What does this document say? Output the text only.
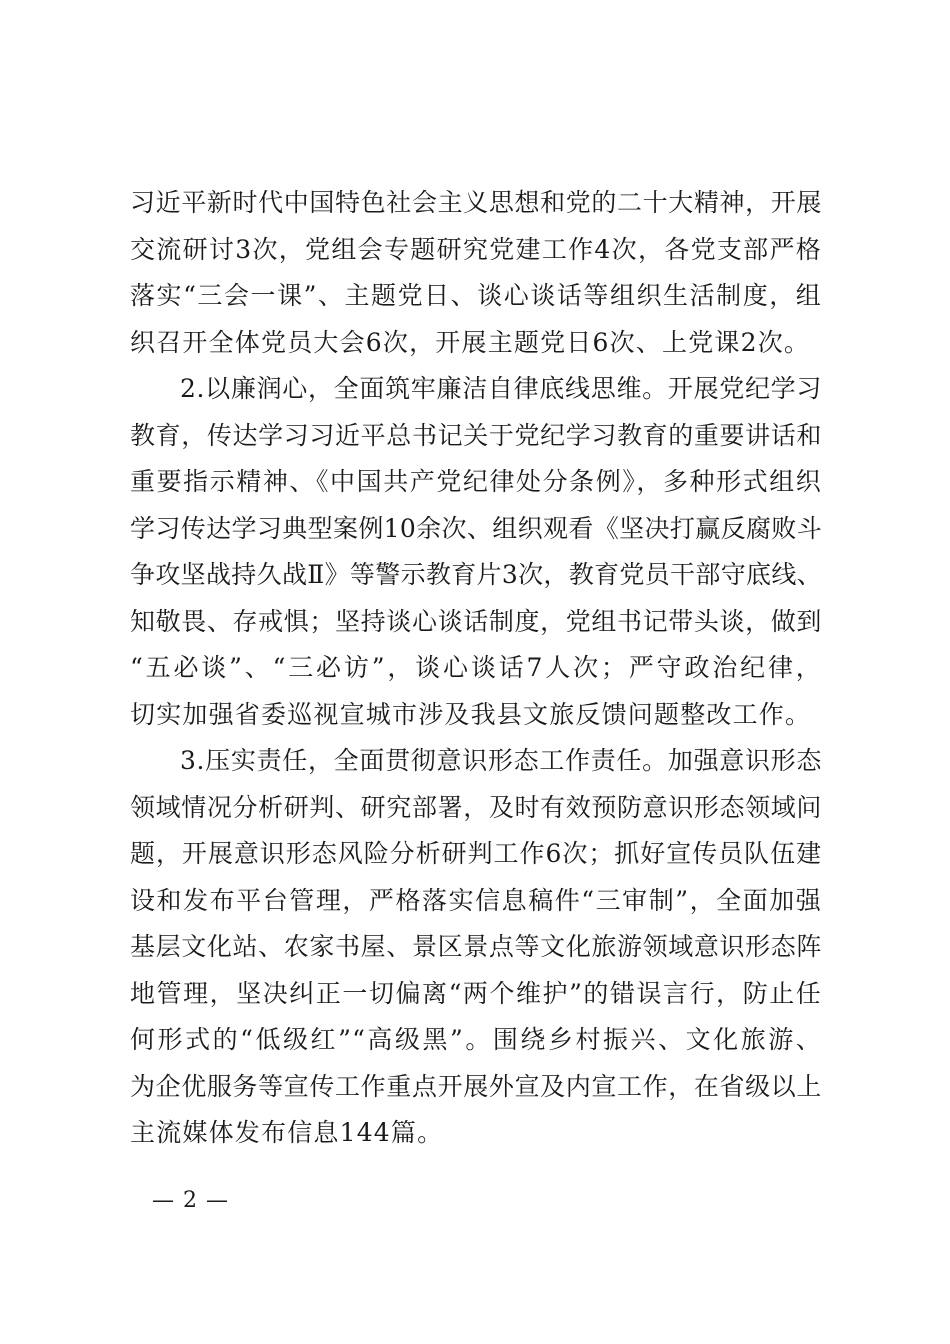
习近平新时代中国特色社会主义思想和党的二十大精神，开展
交流研讨3次，党组会专题研究党建工作4次，各党支部严格
落实“三会一课”、主题党日、谈心谈话等组织生活制度，组
织召开全体党员大会6次，开展主题党日6次、上党课2次。
2.以廉润心，全面筑牢廉洁自律底线思维。开展党纪学习
教育，传达学习习近平总书记关于党纪学习教育的重要讲话和
重要指示精神、《中国共产党纪律处分条例》，多种形式组织
学习传达学习典型案例10余次、组织观看《坚决打赢反腐败斗
争攻坚战持久战Ⅱ》等警示教育片3次，教育党员干部守底线、
知敬畏、存戒惧；坚持谈心谈话制度，党组书记带头谈，做到
“五必谈”、“三必访”，谈心谈话7人次；严守政治纪律，
切实加强省委巡视宣城市涉及我县文旅反馈问题整改工作。
3.压实责任，全面贯彻意识形态工作责任。加强意识形态
领域情况分析研判、研究部署，及时有效预防意识形态领域问
题，开展意识形态风险分析研判工作6次；抓好宣传员队伍建
设和发布平台管理，严格落实信息稿件“三审制”，全面加强
基层文化站、农家书屋、景区景点等文化旅游领域意识形态阵
地管理，坚决纠正一切偏离“两个维护”的错误言行，防止任
何形式的“低级红”“高级黑”。围绕乡村振兴、文化旅游、
为企优服务等宣传工作重点开展外宣及内宣工作，在省级以上
主流媒体发布信息144篇。
— 2 —
